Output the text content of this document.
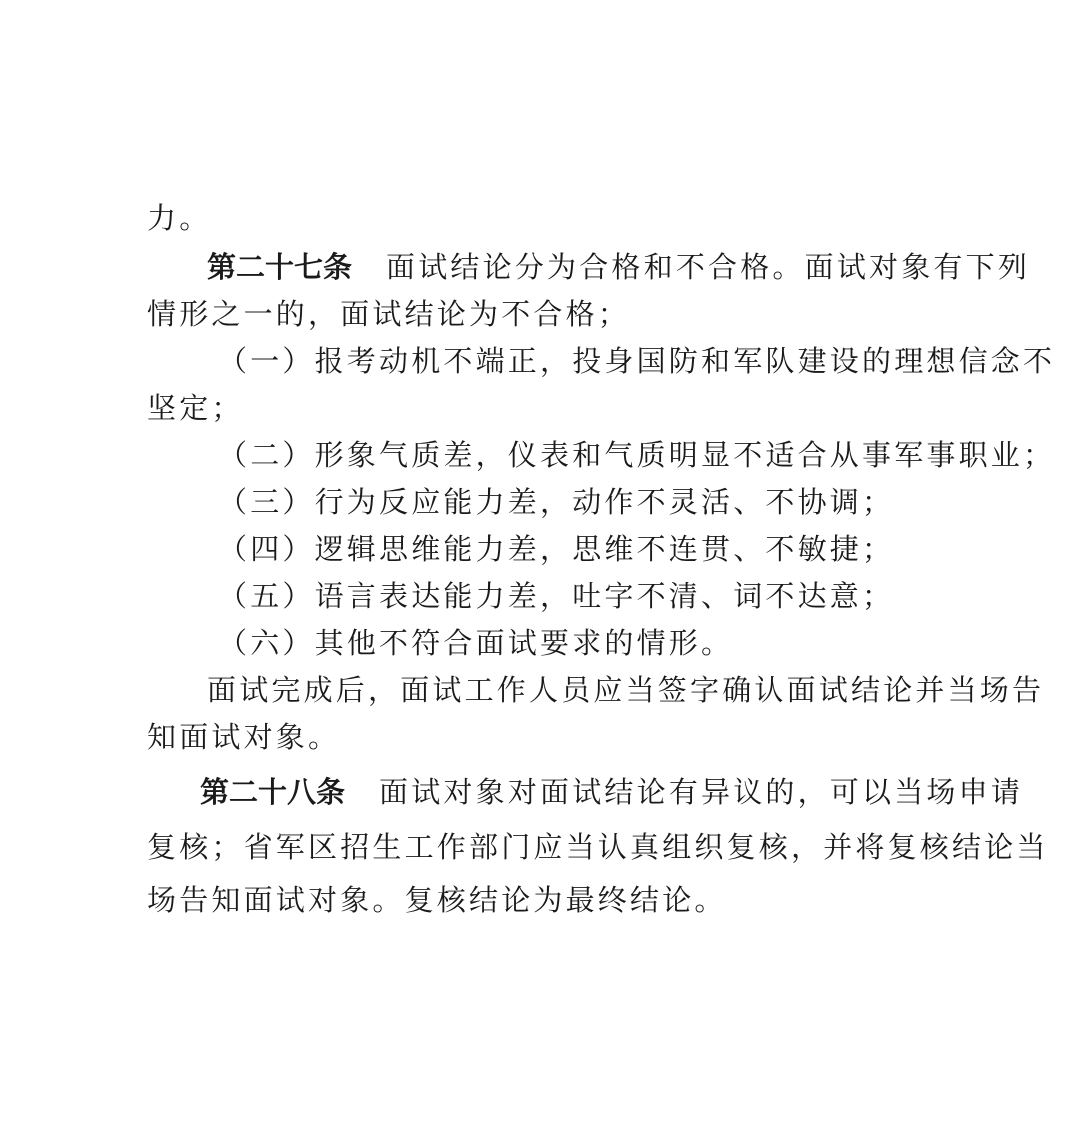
力。
第二十七条 面试结论分为合格和不合格。面试对象有下列
情形之一的，面试结论为不合格；
（一）报考动机不端正，投身国防和军队建设的理想信念不
坚定；
（二）形象气质差，仪表和气质明显不适合从事军事职业；
（三）行为反应能力差，动作不灵活、不协调；
（四）逻辑思维能力差，思维不连贯、不敏捷；
（五）语言表达能力差，吐字不清、词不达意；
（六）其他不符合面试要求的情形。
面试完成后，面试工作人员应当签字确认面试结论并当场告
知面试对象。
第二十八条 面试对象对面试结论有异议的，可以当场申请
复核；省军区招生工作部门应当认真组织复核，并将复核结论当
场告知面试对象。复核结论为最终结论。
